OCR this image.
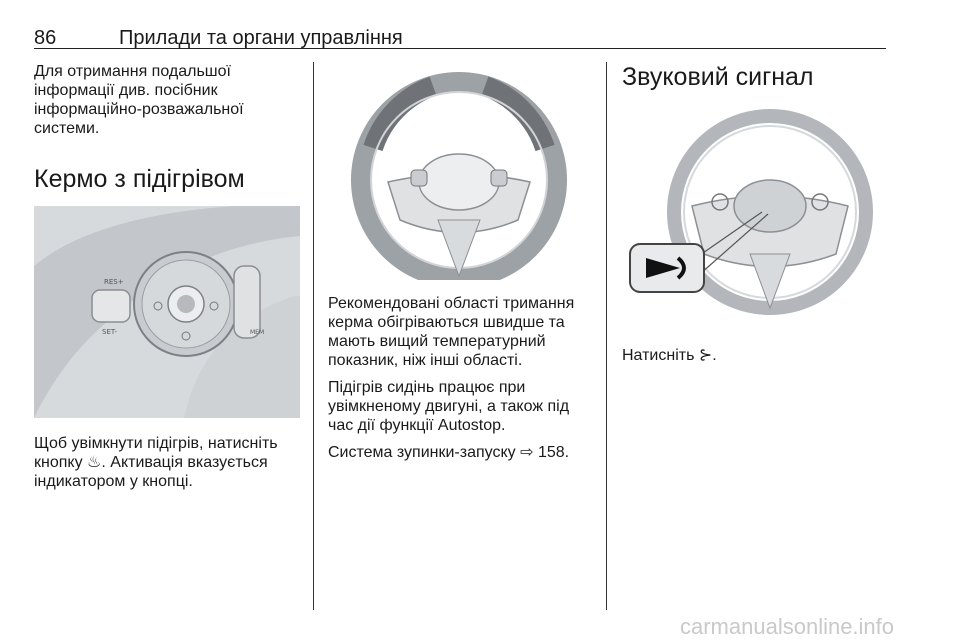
86	Прилади та органи управління

Для отримання подальшої інформації див. посібник інформаційно-розважальної системи.

Кермо з підігрівом
RES+
SET-	MEM

Щоб увімкнути підігрів, натисніть кнопку ♨. Активація вказується індикатором у кнопці.

Рекомендовані області тримання керма обігріваються швидше та мають вищий температурний показник, ніж інші області.

Підігрів сидінь працює при увімкненому двигуні, а також під час дії функції Autostop.

Система зупинки-запуску ⇨ 158.

Звуковий сигнал

Натисніть ⊱.

carmanualsonline.info
